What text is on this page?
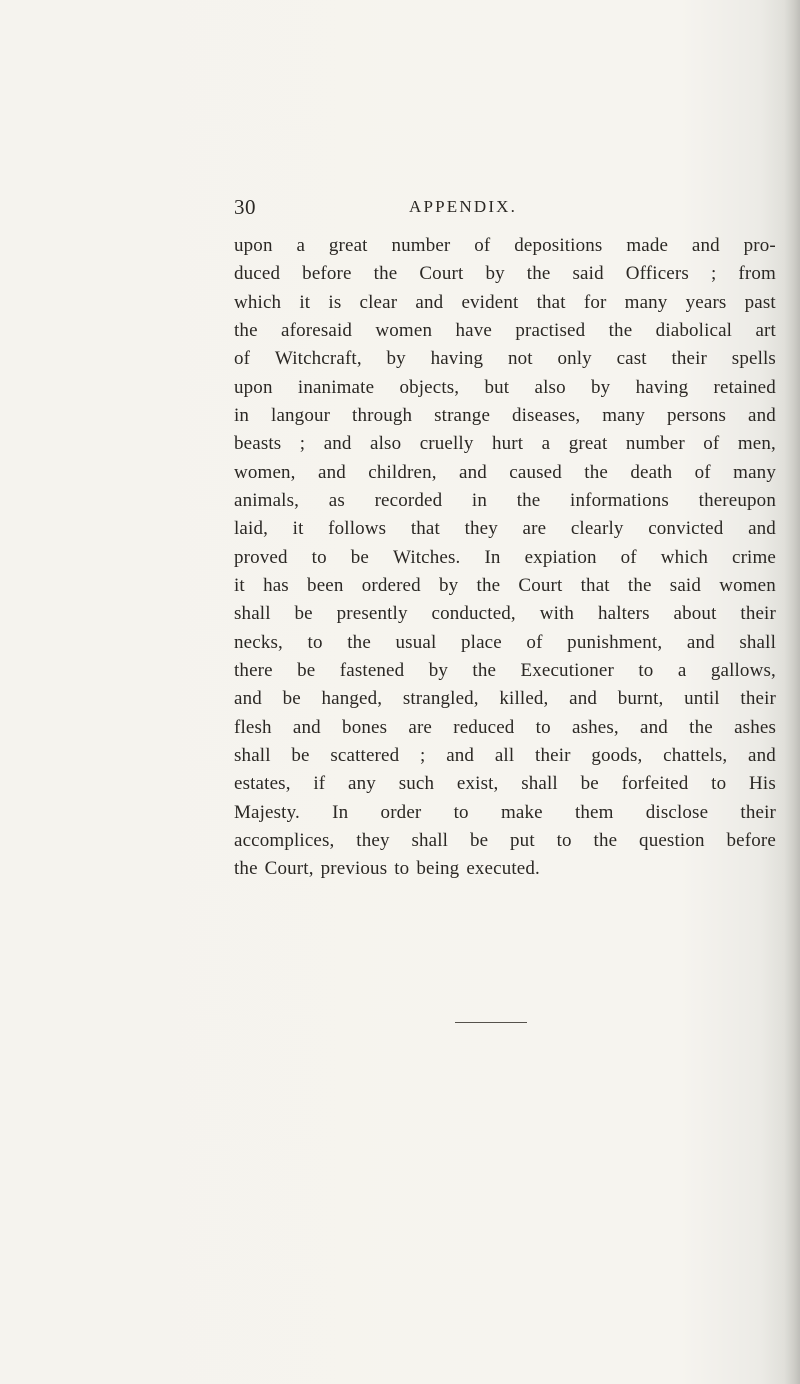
30	APPENDIX.
upon a great number of depositions made and pro-
duced before the Court by the said Officers ; from
which it is clear and evident that for many years past
the aforesaid women have practised the diabolical art
of Witchcraft, by having not only cast their spells
upon inanimate objects, but also by having retained
in langour through strange diseases, many persons and
beasts ; and also cruelly hurt a great number of men,
women, and children, and caused the death of many
animals, as recorded in the informations thereupon
laid, it follows that they are clearly convicted and
proved to be Witches. In expiation of which crime
it has been ordered by the Court that the said women
shall be presently conducted, with halters about their
necks, to the usual place of punishment, and shall
there be fastened by the Executioner to a gallows,
and be hanged, strangled, killed, and burnt, until their
flesh and bones are reduced to ashes, and the ashes
shall be scattered ; and all their goods, chattels, and
estates, if any such exist, shall be forfeited to His
Majesty. In order to make them disclose their
accomplices, they shall be put to the question before
the Court, previous to being executed.
